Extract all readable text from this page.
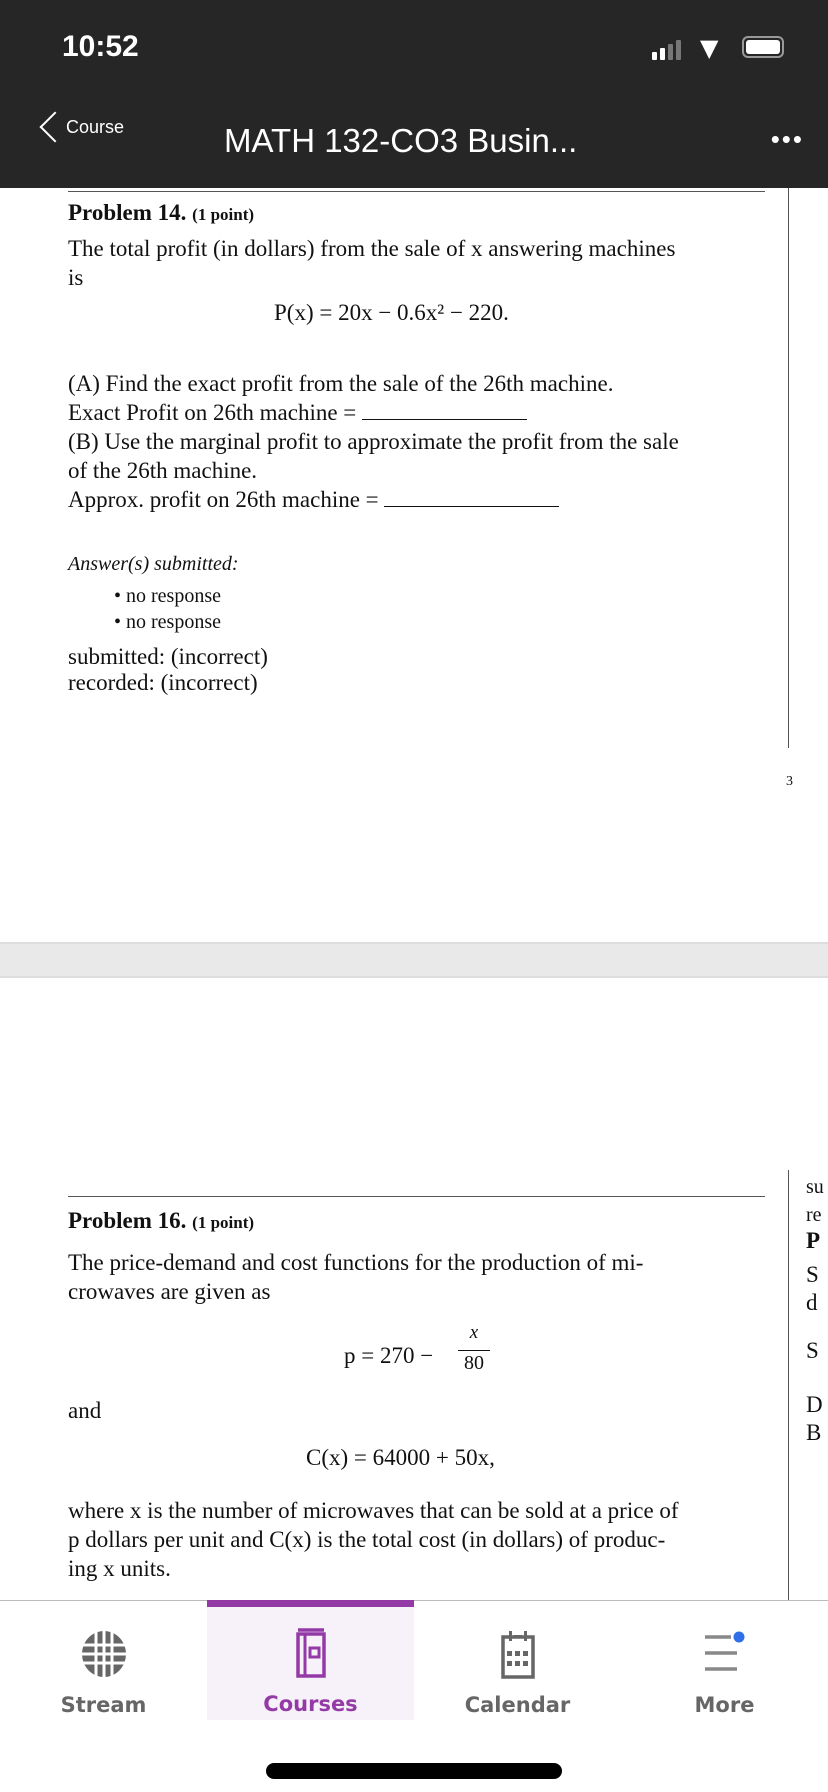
10:52	▼
Course	MATH 132-CO3 Busin...	•••
Problem 14. (1 point)
The total profit (in dollars) from the sale of x answering machines
is
P(x) = 20x − 0.6x² − 220.
(A) Find the exact profit from the sale of the 26th machine.
Exact Profit on 26th machine =
(B) Use the marginal profit to approximate the profit from the sale
of the 26th machine.
Approx. profit on 26th machine =
Answer(s) submitted:
• no response
• no response
submitted: (incorrect)
recorded: (incorrect)
3
su
re
P
S
d
S
D
B
Problem 16. (1 point)
The price-demand and cost functions for the production of mi-
crowaves are given as
p = 270 −
x
80
and
C(x) = 64000 + 50x,
where x is the number of microwaves that can be sold at a price of
p dollars per unit and C(x) is the total cost (in dollars) of produc-
ing x units.
Stream	Courses	Calendar	More
